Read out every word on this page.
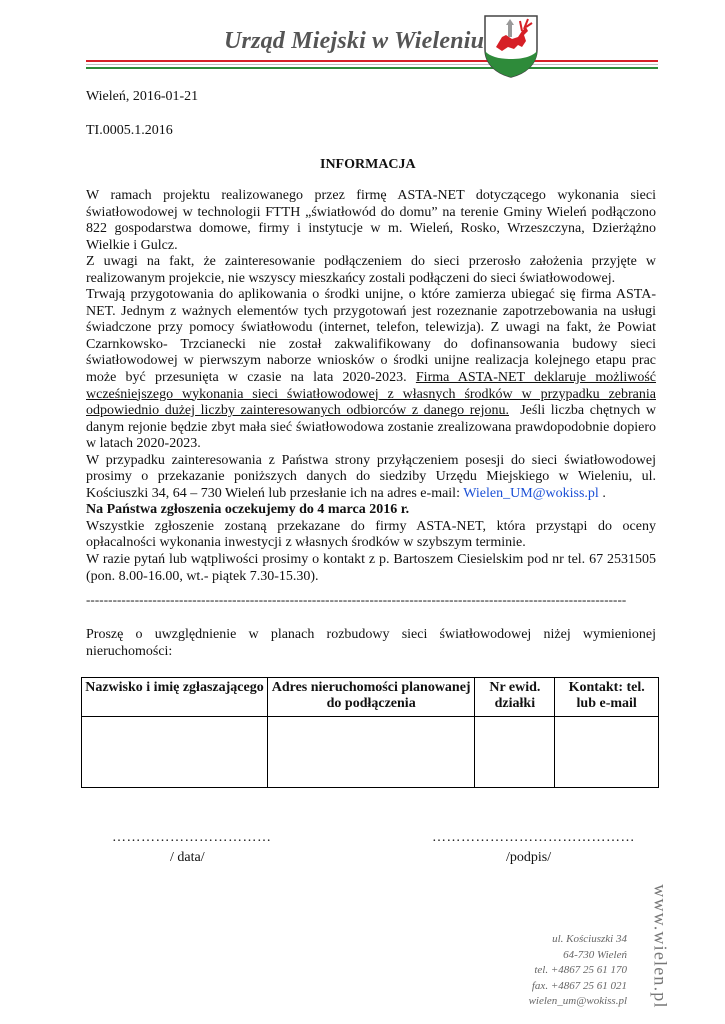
Urząd Miejski w Wieleniu
Wieleń, 2016-01-21
TI.0005.1.2016
INFORMACJA

W ramach projektu realizowanego przez firmę ASTA-NET dotyczącego wykonania sieci światłowodowej w technologii FTTH „światłowód do domu” na terenie Gminy Wieleń podłączono 822 gospodarstwa domowe, firmy i instytucje w m. Wieleń, Rosko, Wrzeszczyna, Dzierżążno Wielkie i Gulcz.

Z uwagi na fakt, że zainteresowanie podłączeniem do sieci przerosło założenia przyjęte w realizowanym projekcie, nie wszyscy mieszkańcy zostali podłączeni do sieci światłowodowej.

Trwają przygotowania do aplikowania o środki unijne, o które zamierza ubiegać się firma ASTA-NET. Jednym z ważnych elementów tych przygotowań jest rozeznanie zapotrzebowania na usługi świadczone przy pomocy światłowodu (internet, telefon, telewizja). Z uwagi na fakt, że Powiat Czarnkowsko- Trzcianecki nie został zakwalifikowany do dofinansowania budowy sieci światłowodowej w pierwszym naborze wniosków o środki unijne realizacja kolejnego etapu prac może być przesunięta w czasie na lata 2020-2023. Firma ASTA-NET deklaruje możliwość wcześniejszego wykonania sieci światłowodowej z własnych środków w przypadku zebrania odpowiednio dużej liczby zainteresowanych odbiorców z danego rejonu. Jeśli liczba chętnych w danym rejonie będzie zbyt mała sieć światłowodowa zostanie zrealizowana prawdopodobnie dopiero w latach 2020-2023.

W przypadku zainteresowania z Państwa strony przyłączeniem posesji do sieci światłowodowej prosimy o przekazanie poniższych danych do siedziby Urzędu Miejskiego w Wieleniu, ul. Kościuszki 34, 64 – 730 Wieleń lub przesłanie ich na adres e-mail: Wielen_UM@wokiss.pl .

Na Państwa zgłoszenia oczekujemy do 4 marca 2016 r.

Wszystkie zgłoszenie zostaną przekazane do firmy ASTA-NET, która przystąpi do oceny opłacalności wykonania inwestycji z własnych środków w szybszym terminie.

W razie pytań lub wątpliwości prosimy o kontakt z p. Bartoszem Ciesielskim pod nr tel. 67 2531505 (pon. 8.00-16.00, wt.- piątek 7.30-15.30).

--------------------------------------------------------------------------------------------------------------------------
Proszę o uwzględnienie w planach rozbudowy sieci światłowodowej niżej wymienionej nieruchomości:
Nazwisko i imię zgłaszającego	Adres nieruchomości planowanej do podłączenia	Nr ewid. działki	Kontakt: tel. lub e-mail

……………………………	……………………………………
/ data/	/podpis/
ul. Kościuszki 34
64-730 Wieleń
tel. +4867 25 61 170
fax. +4867 25 61 021
wielen_um@wokiss.pl www.wielen.pl
